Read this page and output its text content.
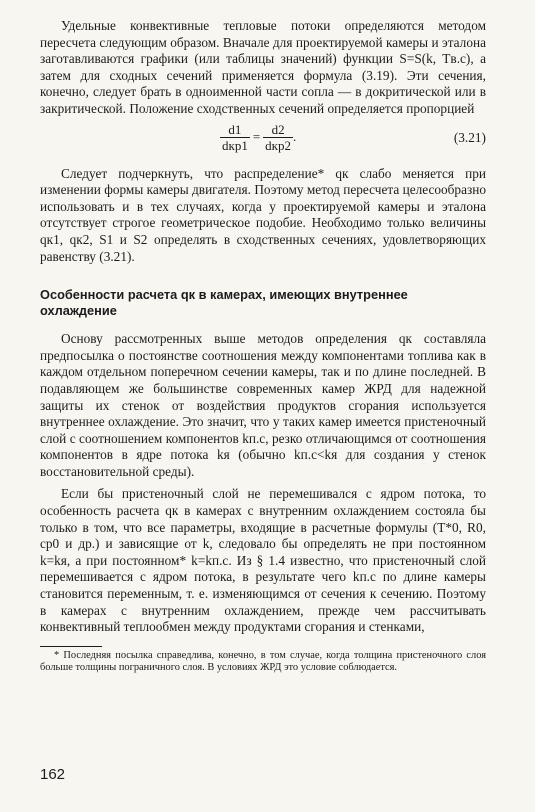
Удельные конвективные тепловые потоки определяются методом пересчета следующим образом. Вначале для проектируемой камеры и эталона заготавливаются графики (или таблицы значений) функции S=S(k, Tв.с), а затем для сходных сечений применяется формула (3.19). Эти сечения, конечно, следует брать в одноименной части сопла — в докритической или в закритической. Положение сходственных сечений определяется пропорцией

$\frac{d1}{\text{dкр1}} = \frac{d2}{\text{dкр2}}$ .	(3.21)

Следует подчеркнуть, что распределение* qк слабо меняется при изменении формы камеры двигателя. Поэтому метод пересчета целесообразно использовать и в тех случаях, когда у проектируемой камеры и эталона отсутствует строгое геометрическое подобие. Необходимо только величины qк1, qк2, S1 и S2 определять в сходственных сечениях, удовлетворяющих равенству (3.21).

Особенности расчета qк в камерах, имеющих внутреннее охлаждение

Основу рассмотренных выше методов определения qк составляла предпосылка о постоянстве соотношения между компонентами топлива как в каждом отдельном поперечном сечении камеры, так и по длине последней. В подавляющем же большинстве современных камер ЖРД для надежной защиты их стенок от воздействия продуктов сгорания используется внутреннее охлаждение. Это значит, что у таких камер имеется пристеночный слой с соотношением компонентов kп.с, резко отличающимся от соотношения компонентов в ядре потока kя (обычно kп.с<kя для создания у стенок восстановительной среды).

Если бы пристеночный слой не перемешивался с ядром потока, то особенность расчета qк в камерах с внутренним охлаждением состояла бы только в том, что все параметры, входящие в расчетные формулы (T*0, R0, cp0 и др.) и зависящие от k, следовало бы определять не при постоянном k=kя, а при постоянном* k=kп.с. Из § 1.4 известно, что пристеночный слой перемешивается с ядром потока, в результате чего kп.с по длине камеры становится переменным, т. е. изменяющимся от сечения к сечению. Поэтому в камерах с внутренним охлаждением, прежде чем рассчитывать конвективный теплообмен между продуктами сгорания и стенками,

* Последняя посылка справедлива, конечно, в том случае, когда толщина пристеночного слоя больше толщины пограничного слоя. В условиях ЖРД это условие соблюдается.

162
